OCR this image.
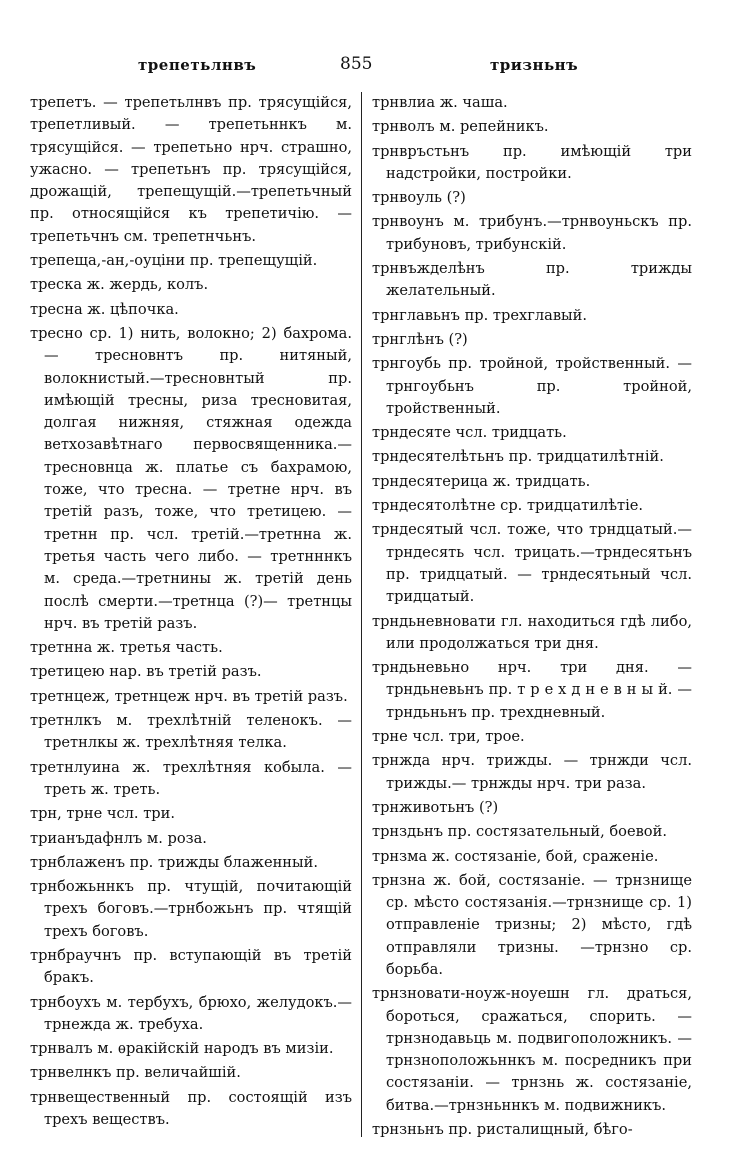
трепетьлнвъ	855	тризньнъ

трепетъ. — трепетьлнвъ пр. трясущійся, трепетливый. — трепетьннкъ м. трясущійся. — трепетьно нрч. страшно, ужасно. — трепетьнъ пр. трясущійся, дрожащій, трепещущій.—трепетьчный пр. относящійся къ трепетичію. — трепетьчнъ см. трепетнчьнъ.

трепеща,-ан,-оуціни пр. трепещущій.

треска ж. жердь, колъ.

тресна ж. цѣпочка.

тресно ср. 1) нить, волокно; 2) бахрома. — тресновнтъ пр. нитяный, волокнистый.—тресновнтый пр. имѣющій тресны, риза тресновитая, долгая нижняя, стяжная одежда ветхозавѣтнаго первосвященника.—тресновнца ж. платье съ бахрамою, тоже, что тресна. — третне нрч. въ третій разъ, тоже, что третицею. — третнн пр. чсл. третій.—третнна ж. третья часть чего либо. — третнннкъ м. среда.—третнины ж. третій день послѣ смерти.—третнца (?)— третнцы нрч. въ третій разъ.

третнна ж. третья часть.

третицею нар. въ третій разъ.

третнцеж, третнцеж нрч. въ третій разъ.

третнлкъ м. трехлѣтній теленокъ. — третнлкы ж. трехлѣтняя телка.

третнлуина ж. трехлѣтняя кобыла. —треть ж. треть.

трн, трне чсл. три.

трианъдафнлъ м. роза.

трнблаженъ пр. трижды блаженный.

трнбожьннкъ пр. чтущій, почитающій трехъ боговъ.—трнбожьнъ пр. чтящій трехъ боговъ.

трнбраучнъ пр. вступающій въ третій бракъ.

трнбоухъ м. тербухъ, брюхо, желудокъ.—трнежда ж. требуха.

трнвалъ м. ѳракійскій народъ въ мизіи.

трнвелнкъ пр. величайшій.

трнвещественный пр. состоящій изъ трехъ веществъ.

трнвлиа ж. чаша.

трнволъ м. репейникъ.

трнвръстьнъ пр. имѣющій три надстройки, постройки.

трнвоуль (?)

трнвоунъ м. трибунъ.—трнвоуньскъ пр. трибуновъ, трибунскій.

трнвъжделѣнъ пр. трижды желательный.

трнглавьнъ пр. трехглавый.

трнглѣнъ (?)

трнгоубь пр. тройной, тройственный. — трнгоубьнъ пр. тройной, тройственный.

трндесяте чсл. тридцать.

трндесятелѣтьнъ пр. тридцатилѣтній.

трндесятерица ж. тридцать.

трндесятолѣтне ср. тридцатилѣтіе.

трндесятый чсл. тоже, что трндцатый.—трндесять чсл. трицать.—трндесятьнъ пр. тридцатый. — трндесятьный чсл. тридцатый.

трндьневновати гл. находиться гдѣ либо, или продолжаться три дня.

трндьневьно нрч. три дня. — трндьневьнъ пр. т р е х д н е в н ы й. — трндьньнъ пр. трехдневный.

трне чсл. три, трое.

трнжда нрч. трижды. — трнжди чсл. трижды.— трнжды нрч. три раза.

трнживотьнъ (?)

трнздьнъ пр. состязательный, боевой.

трнзма ж. состязаніе, бой, сраженіе.

трнзна ж. бой, состязаніе. — трнзнище ср. мѣсто состязанія.—трнзнище ср. 1) отправленіе тризны; 2) мѣсто, гдѣ отправляли тризны. —трнзно ср. борьба.

трнзновати-ноуж-ноуешн гл. драться, бороться, сражаться, спорить. —трнзнодавьць м. подвигоположникъ. — трнзноположьннкъ м. посредникъ при состязаніи. — трнзнь ж. состязаніе, битва.—трнзньннкъ м. подвижникъ.

трнзньнъ пр. ристалищный, бѣго-
